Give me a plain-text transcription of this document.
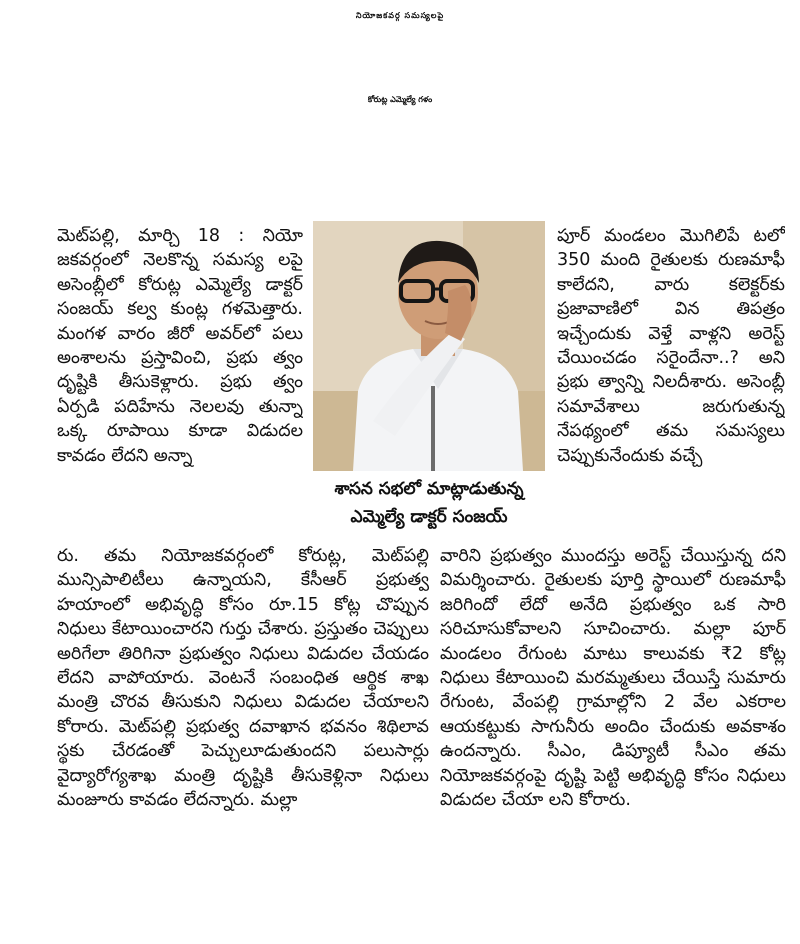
నియోజకవర్గ సమస్యలపై
కోరుట్ల ఎమ్మెల్యే గళం

మెట్‌పల్లి, మార్చి 18 : నియో జకవర్గంలో నెలకొన్న సమస్య లపై అసెంబ్లీలో కోరుట్ల ఎమ్మెల్యే డాక్టర్ సంజయ్ కల్వ కుంట్ల గళమెత్తారు. మంగళ వారం జీరో అవర్‌లో పలు అంశాలను ప్రస్తావించి, ప్రభు త్వం దృష్టికి తీసుకెళ్లారు. ప్రభు త్వం ఏర్పడి పదిహేను నెలలవు తున్నా ఒక్క రూపాయి కూడా విడుదల కావడం లేదని అన్నా

శాసన సభలో మాట్లాడుతున్న
ఎమ్మెల్యే డాక్టర్ సంజయ్

పూర్ మండలం మొగిలిపే టలో 350 మంది రైతులకు రుణమాఫీ కాలేదని, వారు కలెక్టర్‌కు ప్రజావాణిలో విన తిపత్రం ఇచ్చేందుకు వెళ్తే వాళ్లని అరెస్ట్ చేయించడం సరైందేనా..? అని ప్రభు త్వాన్ని నిలదీశారు. అసెంబ్లీ సమావేశాలు జరుగుతున్న నేపథ్యంలో తమ సమస్యలు చెప్పుకునేందుకు వచ్చే

రు. తమ నియోజకవర్గంలో కోరుట్ల, మెట్‌పల్లి మున్సిపాలిటీలు ఉన్నాయని, కేసీఆర్ ప్రభుత్వ హయాంలో అభివృద్ధి కోసం రూ.15 కోట్ల చొప్పున నిధులు కేటాయించారని గుర్తు చేశారు. ప్రస్తుతం చెప్పులు అరిగేలా తిరిగినా ప్రభుత్వం నిధులు విడుదల చేయడం లేదని వాపోయారు. వెంటనే సంబంధిత ఆర్థిక శాఖ మంత్రి చొరవ తీసుకుని నిధులు విడుదల చేయాలని కోరారు. మెట్‌పల్లి ప్రభుత్వ దవాఖాన భవనం శిథిలావ స్థకు చేరడంతో పెచ్చులూడుతుందని పలుసార్లు వైద్యారోగ్యశాఖ మంత్రి దృష్టికి తీసుకెళ్లినా నిధులు మంజూరు కావడం లేదన్నారు. మల్లా

వారిని ప్రభుత్వం ముందస్తు అరెస్ట్ చేయిస్తున్న దని విమర్శించారు. రైతులకు పూర్తి స్థాయిలో రుణమాఫీ జరిగిందో లేదో అనేది ప్రభుత్వం ఒక సారి సరిచూసుకోవాలని సూచించారు. మల్లా పూర్ మండలం రేగుంట మాటు కాలువకు ₹2 కోట్ల నిధులు కేటాయించి మరమ్మతులు చేయిస్తే సుమారు రేగుంట, వేంపల్లి గ్రామాల్లోని 2 వేల ఎకరాల ఆయకట్టుకు సాగునీరు అందిం చేందుకు అవకాశం ఉందన్నారు. సీఎం, డిప్యూటీ సీఎం తమ నియోజకవర్గంపై దృష్టి పెట్టి అభివృద్ధి కోసం నిధులు విడుదల చేయా లని కోరారు.
